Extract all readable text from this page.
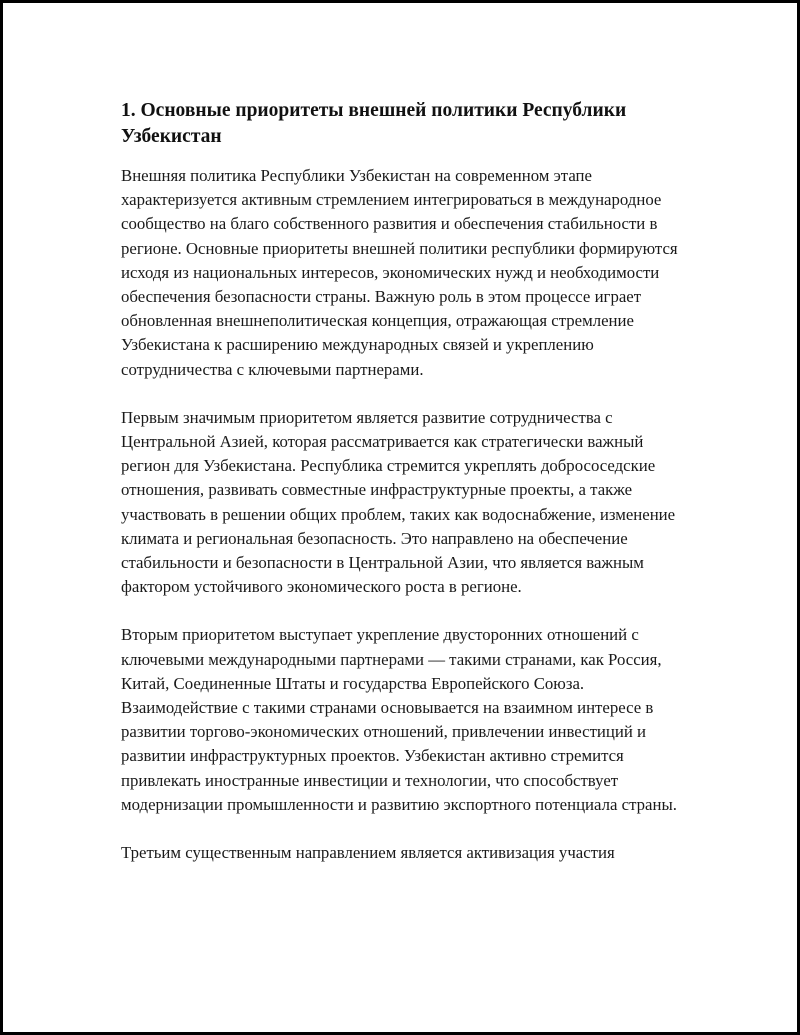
1. Основные приоритеты внешней политики Республики Узбекистан

Внешняя политика Республики Узбекистан на современном этапе характеризуется активным стремлением интегрироваться в международное сообщество на благо собственного развития и обеспечения стабильности в регионе. Основные приоритеты внешней политики республики формируются исходя из национальных интересов, экономических нужд и необходимости обеспечения безопасности страны. Важную роль в этом процессе играет обновленная внешнеполитическая концепция, отражающая стремление Узбекистана к расширению международных связей и укреплению сотрудничества с ключевыми партнерами.

Первым значимым приоритетом является развитие сотрудничества с Центральной Азией, которая рассматривается как стратегически важный регион для Узбекистана. Республика стремится укреплять добрососедские отношения, развивать совместные инфраструктурные проекты, а также участвовать в решении общих проблем, таких как водоснабжение, изменение климата и региональная безопасность. Это направлено на обеспечение стабильности и безопасности в Центральной Азии, что является важным фактором устойчивого экономического роста в регионе.

Вторым приоритетом выступает укрепление двусторонних отношений с ключевыми международными партнерами — такими странами, как Россия, Китай, Соединенные Штаты и государства Европейского Союза. Взаимодействие с такими странами основывается на взаимном интересе в развитии торгово-экономических отношений, привлечении инвестиций и развитии инфраструктурных проектов. Узбекистан активно стремится привлекать иностранные инвестиции и технологии, что способствует модернизации промышленности и развитию экспортного потенциала страны.

Третьим существенным направлением является активизация участия
